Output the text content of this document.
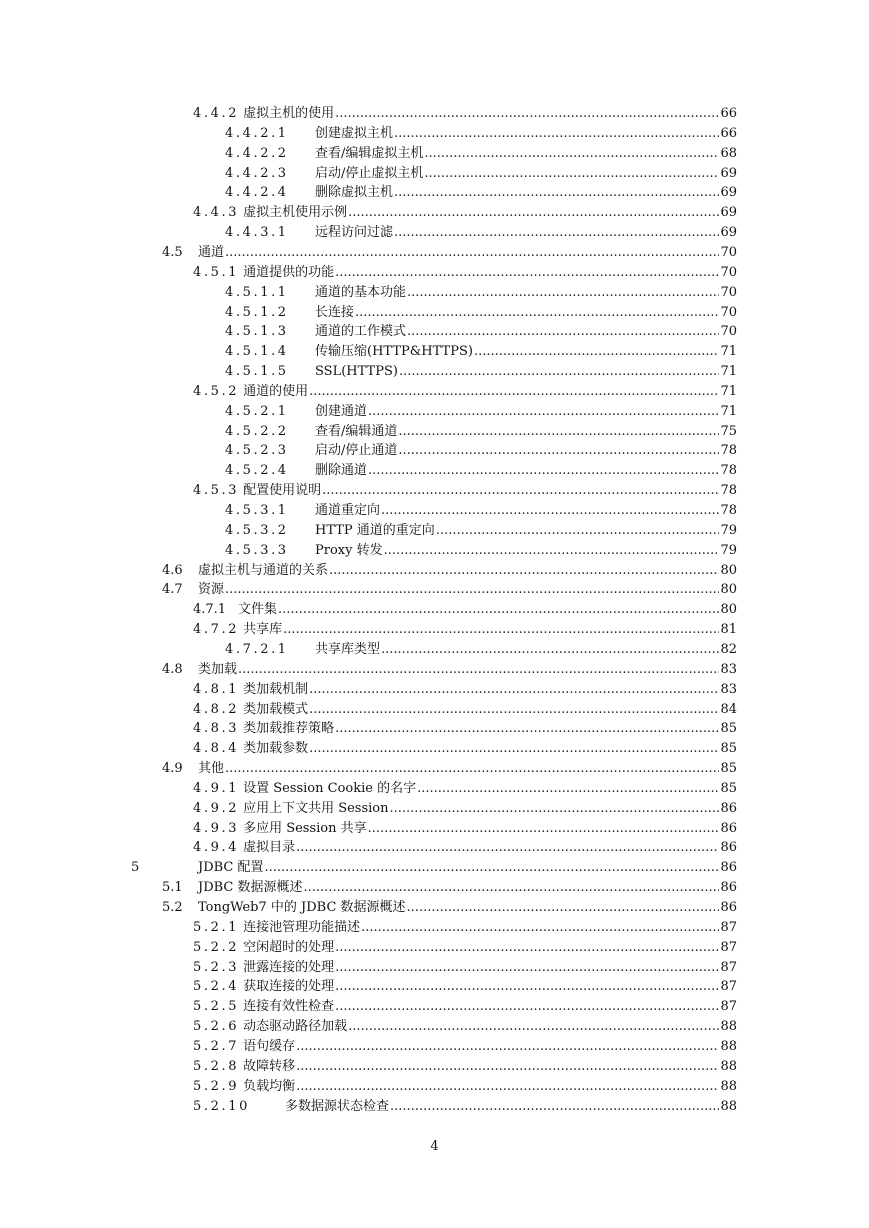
4.4.2 虚拟主机的使用 .....	66
4.4.2.1	创建虚拟主机 .....	66
4.4.2.2	查看/编辑虚拟主机 .....	68
4.4.2.3	启动/停止虚拟主机 .....	69
4.4.2.4	删除虚拟主机 .....	69
4.4.3 虚拟主机使用示例 .....	69
4.4.3.1	远程访问过滤 .....	69
4.5	通道 .....	70
4.5.1 通道提供的功能 .....	70
4.5.1.1	通道的基本功能 .....	70
4.5.1.2	长连接 .....	70
4.5.1.3	通道的工作模式 .....	70
4.5.1.4	传输压缩(HTTP&HTTPS) .....	71
4.5.1.5	SSL(HTTPS) .....	71
4.5.2 通道的使用 .....	71
4.5.2.1	创建通道 .....	71
4.5.2.2	查看/编辑通道 .....	75
4.5.2.3	启动/停止通道 .....	78
4.5.2.4	删除通道 .....	78
4.5.3 配置使用说明 .....	78
4.5.3.1	通道重定向 .....	78
4.5.3.2	HTTP 通道的重定向 .....	79
4.5.3.3	Proxy 转发 .....	79
4.6	虚拟主机与通道的关系 .....	80
4.7	资源 .....	80
4.7.1 文件集 .....	80
4.7.2 共享库 .....	81
4.7.2.1	共享库类型 .....	82
4.8	类加载 .....	83
4.8.1 类加载机制 .....	83
4.8.2 类加载模式 .....	84
4.8.3 类加载推荐策略 .....	85
4.8.4 类加载参数 .....	85
4.9	其他 .....	85
4.9.1 设置 Session Cookie 的名字 .....	85
4.9.2 应用上下文共用 Session .....	86
4.9.3 多应用 Session 共享 .....	86
4.9.4 虚拟目录 .....	86
5	JDBC 配置 .....	86
5.1	JDBC 数据源概述 .....	86
5.2	TongWeb7 中的 JDBC 数据源概述 .....	86
5.2.1 连接池管理功能描述 .....	87
5.2.2 空闲超时的处理 .....	87
5.2.3 泄露连接的处理 .....	87
5.2.4 获取连接的处理 .....	87
5.2.5 连接有效性检查 .....	87
5.2.6 动态驱动路径加载 .....	88
5.2.7 语句缓存 .....	88
5.2.8 故障转移 .....	88
5.2.9 负载均衡 .....	88
5.2.10	多数据源状态检查 .....	88
4
